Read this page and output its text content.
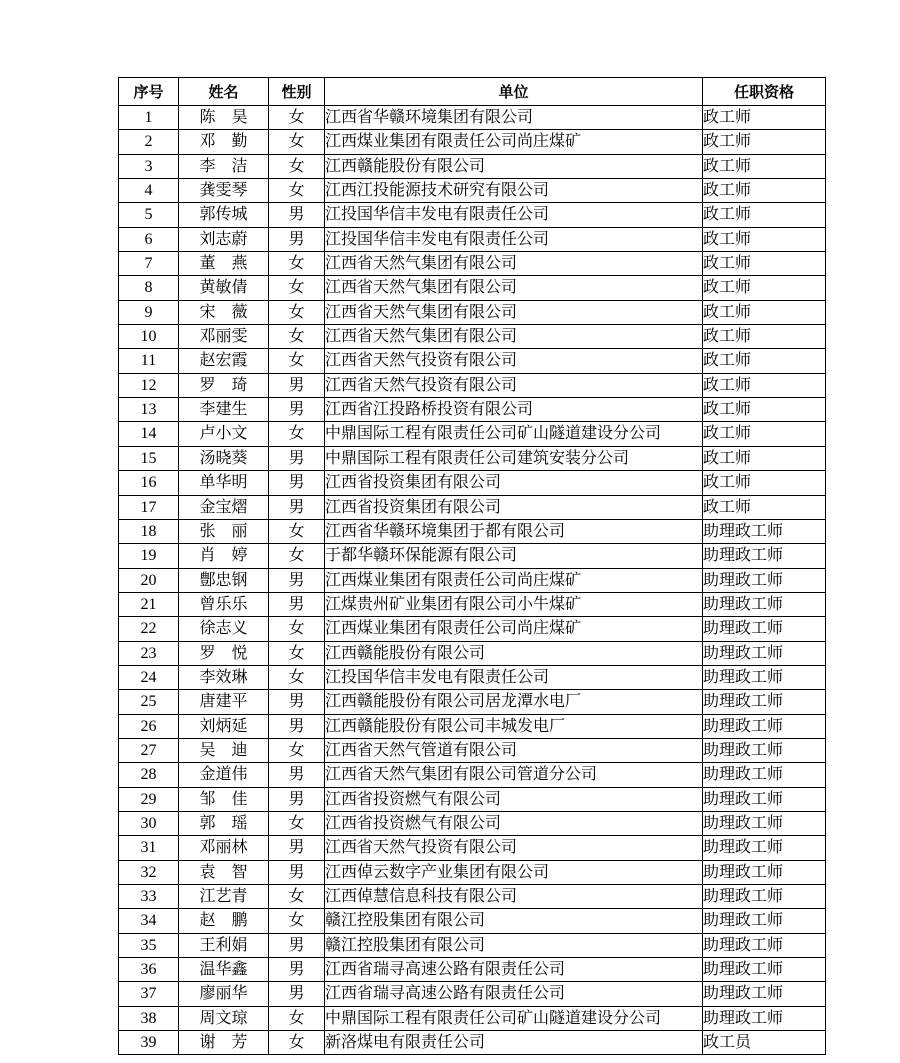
序号	姓名	性别	单位	任职资格
1	陈　昊	女	江西省华赣环境集团有限公司	政工师
2	邓　勤	女	江西煤业集团有限责任公司尚庄煤矿	政工师
3	李　洁	女	江西赣能股份有限公司	政工师
4	龚雯琴	女	江西江投能源技术研究有限公司	政工师
5	郭传城	男	江投国华信丰发电有限责任公司	政工师
6	刘志蔚	男	江投国华信丰发电有限责任公司	政工师
7	董　燕	女	江西省天然气集团有限公司	政工师
8	黄敏倩	女	江西省天然气集团有限公司	政工师
9	宋　薇	女	江西省天然气集团有限公司	政工师
10	邓丽雯	女	江西省天然气集团有限公司	政工师
11	赵宏霞	女	江西省天然气投资有限公司	政工师
12	罗　琦	男	江西省天然气投资有限公司	政工师
13	李建生	男	江西省江投路桥投资有限公司	政工师
14	卢小文	女	中鼎国际工程有限责任公司矿山隧道建设分公司	政工师
15	汤晓葵	男	中鼎国际工程有限责任公司建筑安装分公司	政工师
16	单华明	男	江西省投资集团有限公司	政工师
17	金宝熠	男	江西省投资集团有限公司	政工师
18	张　丽	女	江西省华赣环境集团于都有限公司	助理政工师
19	肖　婷	女	于都华赣环保能源有限公司	助理政工师
20	鄷忠钢	男	江西煤业集团有限责任公司尚庄煤矿	助理政工师
21	曾乐乐	男	江煤贵州矿业集团有限公司小牛煤矿	助理政工师
22	徐志义	女	江西煤业集团有限责任公司尚庄煤矿	助理政工师
23	罗　悦	女	江西赣能股份有限公司	助理政工师
24	李效琳	女	江投国华信丰发电有限责任公司	助理政工师
25	唐建平	男	江西赣能股份有限公司居龙潭水电厂	助理政工师
26	刘炳延	男	江西赣能股份有限公司丰城发电厂	助理政工师
27	吴　迪	女	江西省天然气管道有限公司	助理政工师
28	金道伟	男	江西省天然气集团有限公司管道分公司	助理政工师
29	邹　佳	男	江西省投资燃气有限公司	助理政工师
30	郭　瑶	女	江西省投资燃气有限公司	助理政工师
31	邓丽林	男	江西省天然气投资有限公司	助理政工师
32	袁　智	男	江西倬云数字产业集团有限公司	助理政工师
33	江艺青	女	江西倬慧信息科技有限公司	助理政工师
34	赵　鹏	女	赣江控股集团有限公司	助理政工师
35	王利娟	男	赣江控股集团有限公司	助理政工师
36	温华鑫	男	江西省瑞寻高速公路有限责任公司	助理政工师
37	廖丽华	男	江西省瑞寻高速公路有限责任公司	助理政工师
38	周文琼	女	中鼎国际工程有限责任公司矿山隧道建设分公司	助理政工师
39	谢　芳	女	新洛煤电有限责任公司	政工员
